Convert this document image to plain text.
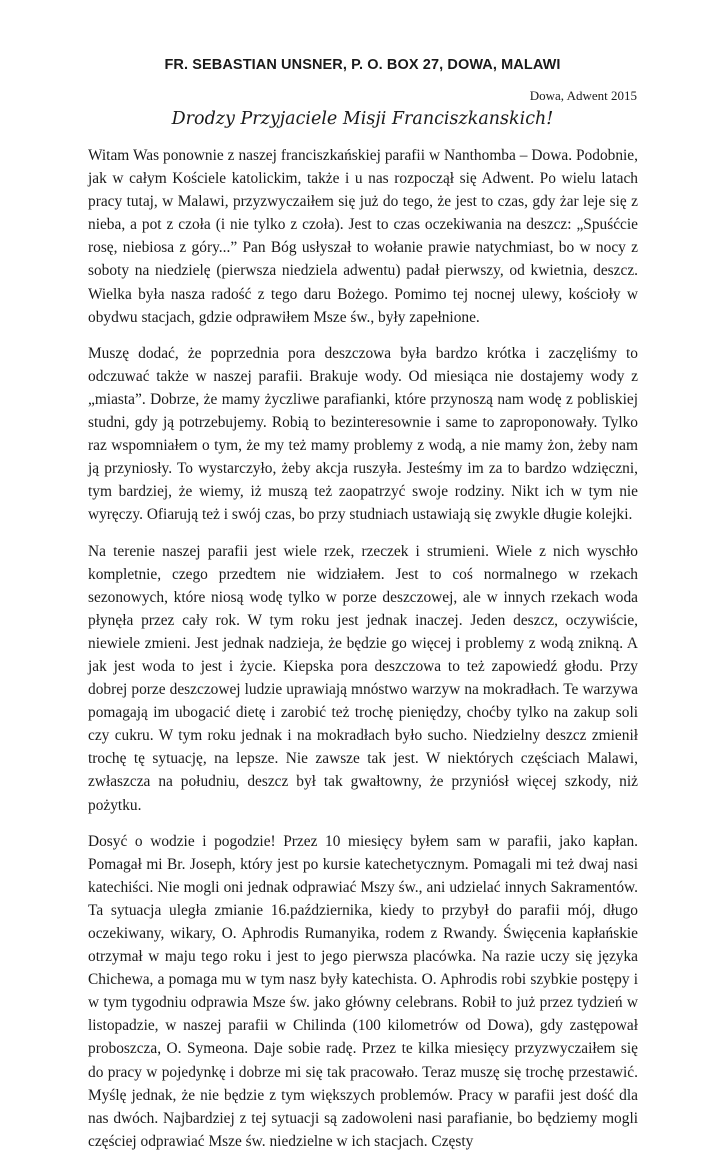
FR. SEBASTIAN UNSNER, P. O. BOX 27, DOWA, MALAWI
Dowa, Adwent 2015
Drodzy Przyjaciele Misji Franciszkanskich!

Witam Was ponownie z naszej franciszkańskiej parafii w Nanthomba – Dowa. Podobnie, jak w całym Kościele katolickim, także i u nas rozpoczął się Adwent. Po wielu latach pracy tutaj, w Malawi, przyzwyczaiłem się już do tego, że jest to czas, gdy żar leje się z nieba, a pot z czoła (i nie tylko z czoła). Jest to czas oczekiwania na deszcz: „Spuśćcie rosę, niebiosa z góry...” Pan Bóg usłyszał to wołanie prawie natychmiast, bo w nocy z soboty na niedzielę (pierwsza niedziela adwentu) padał pierwszy, od kwietnia, deszcz. Wielka była nasza radość z tego daru Bożego. Pomimo tej nocnej ulewy, kościoły w obydwu stacjach, gdzie odprawiłem Msze św., były zapełnione.

Muszę dodać, że poprzednia pora deszczowa była bardzo krótka i zaczęliśmy to odczuwać także w naszej parafii. Brakuje wody. Od miesiąca nie dostajemy wody z „miasta”. Dobrze, że mamy życzliwe parafianki, które przynoszą nam wodę z pobliskiej studni, gdy ją potrzebujemy. Robią to bezinteresownie i same to zaproponowały. Tylko raz wspomniałem o tym, że my też mamy problemy z wodą, a nie mamy żon, żeby nam ją przyniosły. To wystarczyło, żeby akcja ruszyła. Jesteśmy im za to bardzo wdzięczni, tym bardziej, że wiemy, iż muszą też zaopatrzyć swoje rodziny. Nikt ich w tym nie wyręczy. Ofiarują też i swój czas, bo przy studniach ustawiają się zwykle długie kolejki.

Na terenie naszej parafii jest wiele rzek, rzeczek i strumieni. Wiele z nich wyschło kompletnie, czego przedtem nie widziałem. Jest to coś normalnego w rzekach sezonowych, które niosą wodę tylko w porze deszczowej, ale w innych rzekach woda płynęła przez cały rok. W tym roku jest jednak inaczej. Jeden deszcz, oczywiście, niewiele zmieni. Jest jednak nadzieja, że będzie go więcej i problemy z wodą znikną. A jak jest woda to jest i życie. Kiepska pora deszczowa to też zapowiedź głodu. Przy dobrej porze deszczowej ludzie uprawiają mnóstwo warzyw na mokradłach. Te warzywa pomagają im ubogacić dietę i zarobić też trochę pieniędzy, choćby tylko na zakup soli czy cukru. W tym roku jednak i na mokradłach było sucho. Niedzielny deszcz zmienił trochę tę sytuację, na lepsze. Nie zawsze tak jest. W niektórych częściach Malawi, zwłaszcza na południu, deszcz był tak gwałtowny, że przyniósł więcej szkody, niż pożytku.

Dosyć o wodzie i pogodzie! Przez 10 miesięcy byłem sam w parafii, jako kapłan. Pomagał mi Br. Joseph, który jest po kursie katechetycznym. Pomagali mi też dwaj nasi katechiści. Nie mogli oni jednak odprawiać Mszy św., ani udzielać innych Sakramentów. Ta sytuacja uległa zmianie 16.października, kiedy to przybył do parafii mój, długo oczekiwany, wikary, O. Aphrodis Rumanyika, rodem z Rwandy. Święcenia kapłańskie otrzymał w maju tego roku i jest to jego pierwsza placówka. Na razie uczy się języka Chichewa, a pomaga mu w tym nasz były katechista. O. Aphrodis robi szybkie postępy i w tym tygodniu odprawia Msze św. jako główny celebrans. Robił to już przez tydzień w listopadzie, w naszej parafii w Chilinda (100 kilometrów od Dowa), gdy zastępował proboszcza, O. Symeona. Daje sobie radę. Przez te kilka miesięcy przyzwyczaiłem się do pracy w pojedynkę i dobrze mi się tak pracowało. Teraz muszę się trochę przestawić. Myślę jednak, że nie będzie z tym większych problemów. Pracy w parafii jest dość dla nas dwóch. Najbardziej z tej sytuacji są zadowoleni nasi parafianie, bo będziemy mogli częściej odprawiać Msze św. niedzielne w ich stacjach. Częsty
